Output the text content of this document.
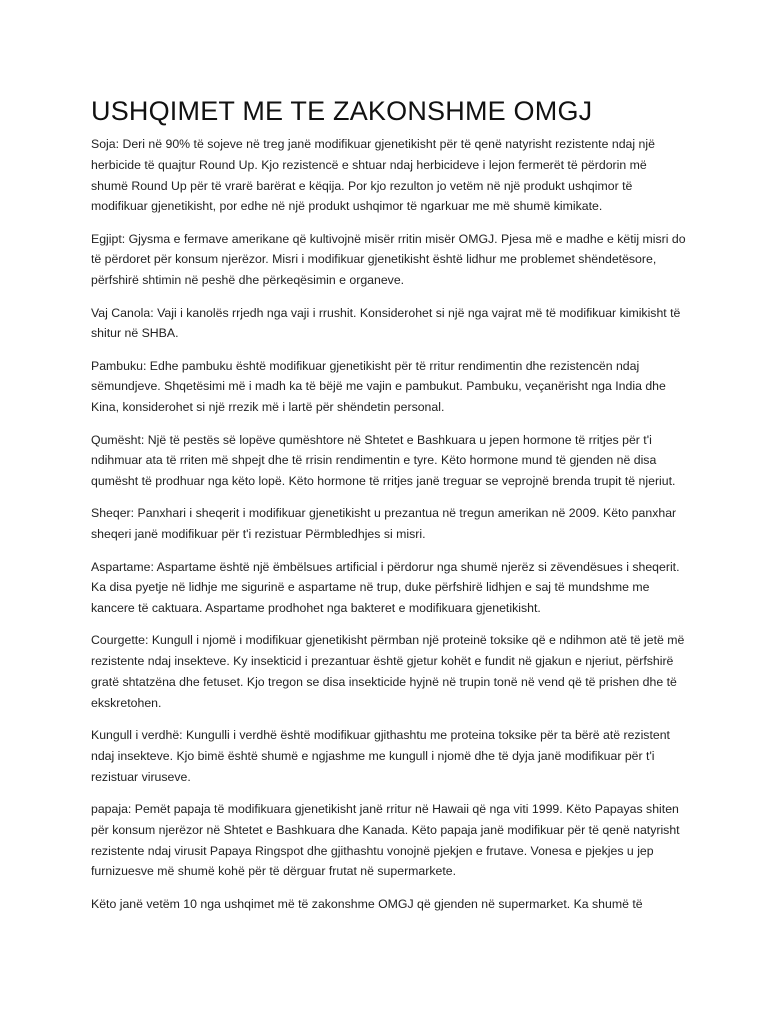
USHQIMET ME TE ZAKONSHME OMGJ

Soja: Deri në 90% të sojeve në treg janë modifikuar gjenetikisht për të qenë natyrisht rezistente ndaj një herbicide të quajtur Round Up. Kjo rezistencë e shtuar ndaj herbicideve i lejon fermerët të përdorin më shumë Round Up për të vrarë barërat e këqija. Por kjo rezulton jo vetëm në një produkt ushqimor të modifikuar gjenetikisht, por edhe në një produkt ushqimor të ngarkuar me më shumë kimikate.

Egjipt: Gjysma e fermave amerikane që kultivojnë misër rritin misër OMGJ. Pjesa më e madhe e këtij misri do të përdoret për konsum njerëzor. Misri i modifikuar gjenetikisht është lidhur me problemet shëndetësore, përfshirë shtimin në peshë dhe përkeqësimin e organeve.

Vaj Canola: Vaji i kanolës rrjedh nga vaji i rrushit. Konsiderohet si një nga vajrat më të modifikuar kimikisht të shitur në SHBA.

Pambuku: Edhe pambuku është modifikuar gjenetikisht për të rritur rendimentin dhe rezistencën ndaj sëmundjeve. Shqetësimi më i madh ka të bëjë me vajin e pambukut. Pambuku, veçanërisht nga India dhe Kina, konsiderohet si një rrezik më i lartë për shëndetin personal.

Qumësht: Një të pestës së lopëve qumështore në Shtetet e Bashkuara u jepen hormone të rritjes për t'i ndihmuar ata të rriten më shpejt dhe të rrisin rendimentin e tyre. Këto hormone mund të gjenden në disa qumësht të prodhuar nga këto lopë. Këto hormone të rritjes janë treguar se veprojnë brenda trupit të njeriut.

Sheqer: Panxhari i sheqerit i modifikuar gjenetikisht u prezantua në tregun amerikan në 2009. Këto panxhar sheqeri janë modifikuar për t'i rezistuar Përmbledhjes si misri.

Aspartame: Aspartame është një ëmbëlsues artificial i përdorur nga shumë njerëz si zëvendësues i sheqerit. Ka disa pyetje në lidhje me sigurinë e aspartame në trup, duke përfshirë lidhjen e saj të mundshme me kancere të caktuara. Aspartame prodhohet nga bakteret e modifikuara gjenetikisht.

Courgette: Kungull i njomë i modifikuar gjenetikisht përmban një proteinë toksike që e ndihmon atë të jetë më rezistente ndaj insekteve. Ky insekticid i prezantuar është gjetur kohët e fundit në gjakun e njeriut, përfshirë gratë shtatzëna dhe fetuset. Kjo tregon se disa insekticide hyjnë në trupin tonë në vend që të prishen dhe të ekskretohen.

Kungull i verdhë: Kungulli i verdhë është modifikuar gjithashtu me proteina toksike për ta bërë atë rezistent ndaj insekteve. Kjo bimë është shumë e ngjashme me kungull i njomë dhe të dyja janë modifikuar për t'i rezistuar viruseve.

papaja: Pemët papaja të modifikuara gjenetikisht janë rritur në Hawaii që nga viti 1999. Këto Papayas shiten për konsum njerëzor në Shtetet e Bashkuara dhe Kanada. Këto papaja janë modifikuar për të qenë natyrisht rezistente ndaj virusit Papaya Ringspot dhe gjithashtu vonojnë pjekjen e frutave. Vonesa e pjekjes u jep furnizuesve më shumë kohë për të dërguar frutat në supermarkete.

Këto janë vetëm 10 nga ushqimet më të zakonshme OMGJ që gjenden në supermarket. Ka shumë të
